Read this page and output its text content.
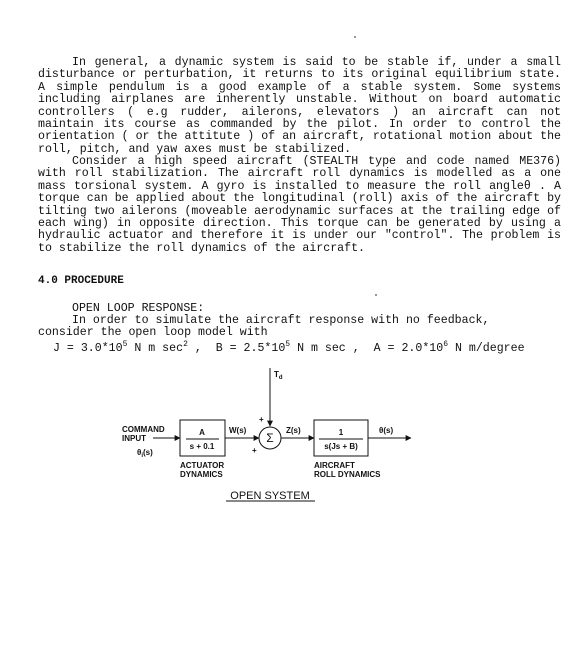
In general, a dynamic system is said to be stable if, under a small disturbance or perturbation, it returns to its original equilibrium state. A simple pendulum is a good example of a stable system. Some systems including airplanes are inherently unstable. Without on board automatic controllers ( e.g rudder, ailerons, elevators ) an aircraft can not maintain its course as commanded by the pilot. In order to control the orientation ( or the attitute ) of an aircraft, rotational motion about the roll, pitch, and yaw axes must be stabilized.

Consider a high speed aircraft (STEALTH type and code named ME376) with roll stabilization. The aircraft roll dynamics is modelled as a one mass torsional system. A gyro is installed to measure the roll angleθ . A torque can be applied about the longitudinal (roll) axis of the aircraft by tilting two ailerons (moveable aerodynamic surfaces at the trailing edge of each wing) in opposite direction. This torque can be generated by using a hydraulic actuator and therefore it is under our "control". The problem is to stabilize the roll dynamics of the aircraft.

4.0 PROCEDURE
OPEN LOOP RESPONSE:

In order to simulate the aircraft response with no feedback,
consider the open loop model with

$J = 3.0*10^5$ N m $\sec^2$ ,  $B = 2.5*10^5$ N m sec ,  $A = 2.0*10^6$ N m/degree
COMMAND
INPUT
$\theta_i(s)$
A
s + 0.1
ACTUATOR
DYNAMICS
W(s)
$T_d$
+
+
Σ
Z(s)	1
s(Js + B)
AIRCRAFT
ROLL DYNAMICS
θ(s)
OPEN SYSTEM
